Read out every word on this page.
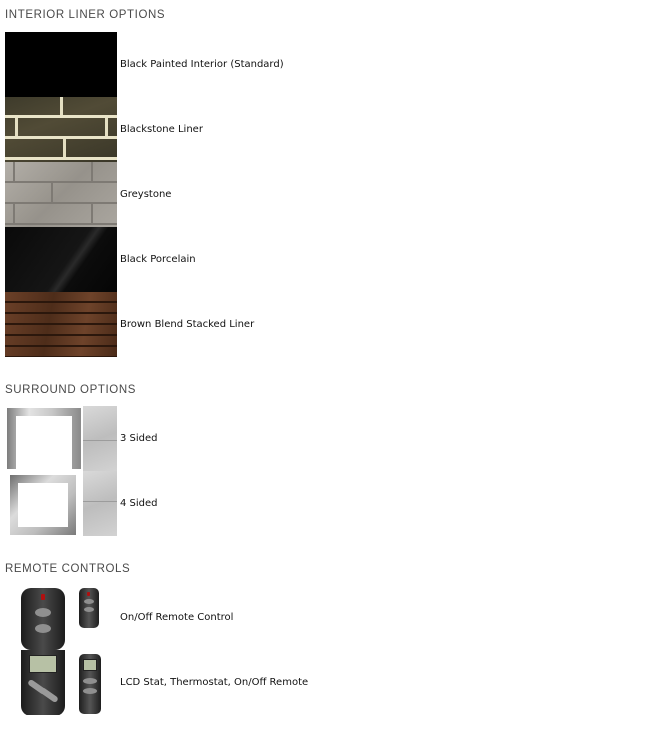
INTERIOR LINER OPTIONS
Black Painted Interior (Standard)
Blackstone Liner
Greystone
Black Porcelain
Brown Blend Stacked Liner
SURROUND OPTIONS
3 Sided
4 Sided
REMOTE CONTROLS
On/Off Remote Control
LCD Stat, Thermostat, On/Off Remote
